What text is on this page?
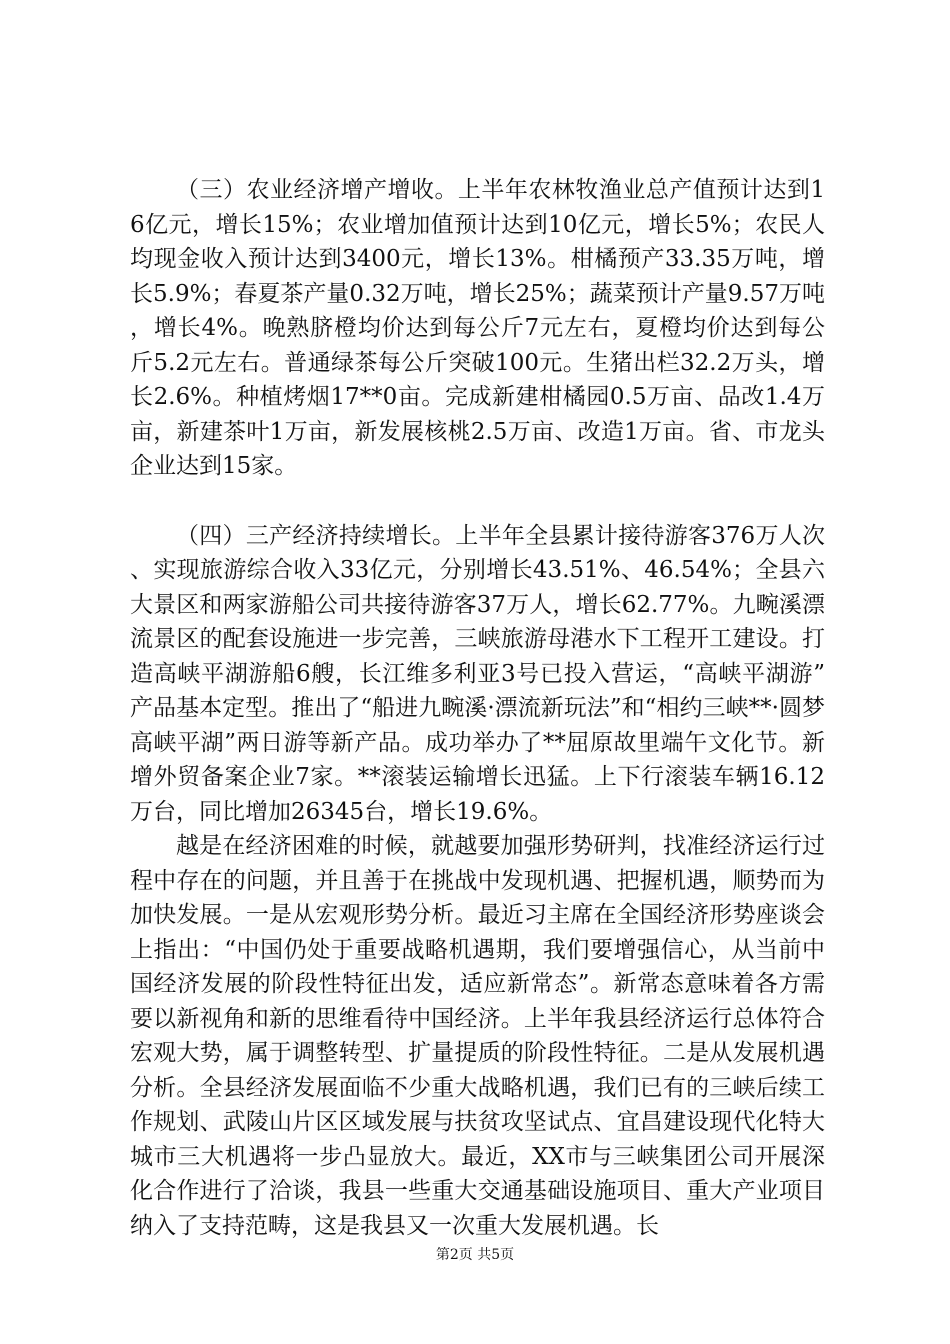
（三）农业经济增产增收。上半年农林牧渔业总产值预计达到16亿元，增长15%；农业增加值预计达到10亿元，增长5%；农民人均现金收入预计达到3400元，增长13%。柑橘预产33.35万吨，增长5.9%；春夏茶产量0.32万吨，增长25%；蔬菜预计产量9.57万吨，增长4%。晚熟脐橙均价达到每公斤7元左右，夏橙均价达到每公斤5.2元左右。普通绿茶每公斤突破100元。生猪出栏32.2万头，增长2.6%。种植烤烟17**0亩。完成新建柑橘园0.5万亩、品改1.4万亩，新建茶叶1万亩，新发展核桃2.5万亩、改造1万亩。省、市龙头企业达到15家。

（四）三产经济持续增长。上半年全县累计接待游客376万人次、实现旅游综合收入33亿元，分别增长43.51%、46.54%；全县六大景区和两家游船公司共接待游客37万人，增长62.77%。九畹溪漂流景区的配套设施进一步完善，三峡旅游母港水下工程开工建设。打造高峡平湖游船6艘，长江维多利亚3号已投入营运，“高峡平湖游”产品基本定型。推出了“船进九畹溪·漂流新玩法”和“相约三峡**·圆梦高峡平湖”两日游等新产品。成功举办了**屈原故里端午文化节。新增外贸备案企业7家。**滚装运输增长迅猛。上下行滚装车辆16.12万台，同比增加26345台，增长19.6%。

越是在经济困难的时候，就越要加强形势研判，找准经济运行过程中存在的问题，并且善于在挑战中发现机遇、把握机遇，顺势而为加快发展。一是从宏观形势分析。最近习主席在全国经济形势座谈会上指出：“中国仍处于重要战略机遇期，我们要增强信心，从当前中国经济发展的阶段性特征出发，适应新常态”。新常态意味着各方需要以新视角和新的思维看待中国经济。上半年我县经济运行总体符合宏观大势，属于调整转型、扩量提质的阶段性特征。二是从发展机遇分析。全县经济发展面临不少重大战略机遇，我们已有的三峡后续工作规划、武陵山片区区域发展与扶贫攻坚试点、宜昌建设现代化特大城市三大机遇将一步凸显放大。最近，XX市与三峡集团公司开展深化合作进行了洽谈，我县一些重大交通基础设施项目、重大产业项目纳入了支持范畴，这是我县又一次重大发展机遇。长

第2页 共5页
